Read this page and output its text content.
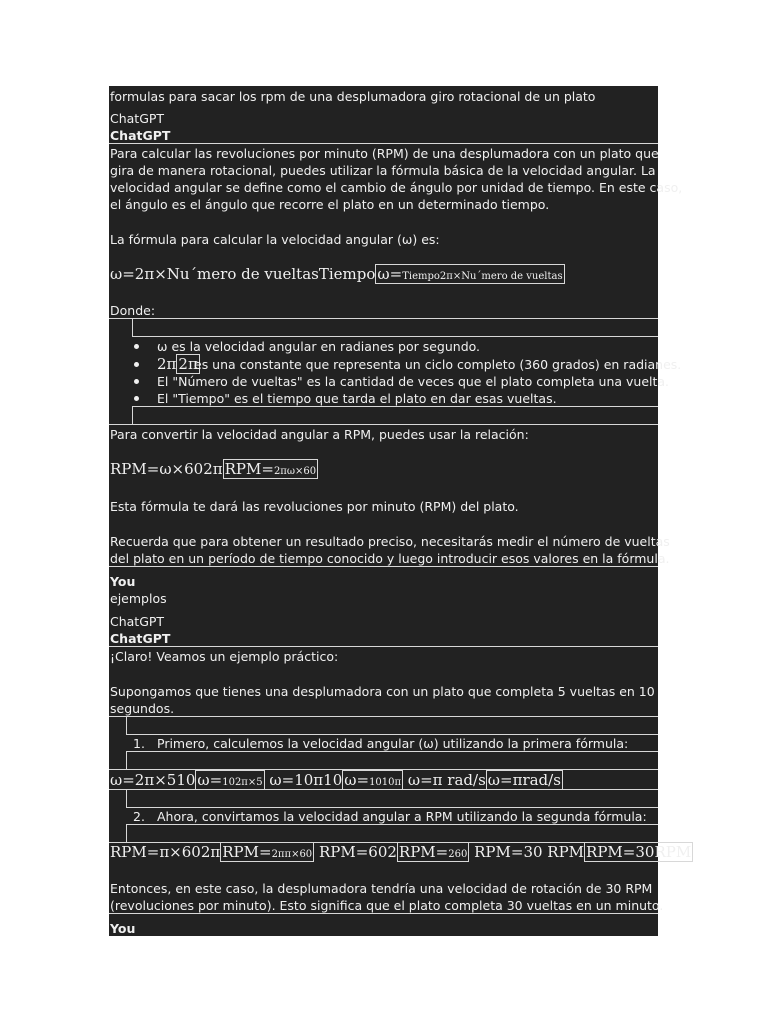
formulas para sacar los rpm de una desplumadora giro rotacional de un plato
ChatGPT
ChatGPT
Para calcular las revoluciones por minuto (RPM) de una desplumadora con un plato que
gira de manera rotacional, puedes utilizar la fórmula básica de la velocidad angular. La
velocidad angular se define como el cambio de ángulo por unidad de tiempo. En este caso,
el ángulo es el ángulo que recorre el plato en un determinado tiempo.
La fórmula para calcular la velocidad angular (ω) es:
ω=2π×Nu´mero de vueltasTiempo ω=Tiempo2π×Nu´mero de vueltas
Donde:
ω es la velocidad angular en radianes por segundo.
2π 2π
es una constante que representa un ciclo completo (360 grados) en radianes.
El "Número de vueltas" es la cantidad de veces que el plato completa una vuelta.
El "Tiempo" es el tiempo que tarda el plato en dar esas vueltas.
Para convertir la velocidad angular a RPM, puedes usar la relación:
RPM=ω×602π RPM=2πω×60
Esta fórmula te dará las revoluciones por minuto (RPM) del plato.
Recuerda que para obtener un resultado preciso, necesitarás medir el número de vueltas
del plato en un período de tiempo conocido y luego introducir esos valores en la fórmula.
You
ejemplos
ChatGPT
ChatGPT
¡Claro! Veamos un ejemplo práctico:
Supongamos que tienes una desplumadora con un plato que completa 5 vueltas en 10
segundos.
1. Primero, calculemos la velocidad angular (ω) utilizando la primera fórmula:
ω=2π×510 ω=102π×5 ω=10π10 ω=1010π ω=π rad/s ω=πrad/s
2. Ahora, convirtamos la velocidad angular a RPM utilizando la segunda fórmula:
RPM=π×602π RPM=2ππ×60 RPM=602 RPM=260 RPM=30 RPM RPM=30RPM
Entonces, en este caso, la desplumadora tendría una velocidad de rotación de 30 RPM
(revoluciones por minuto). Esto significa que el plato completa 30 vueltas en un minuto.
You
